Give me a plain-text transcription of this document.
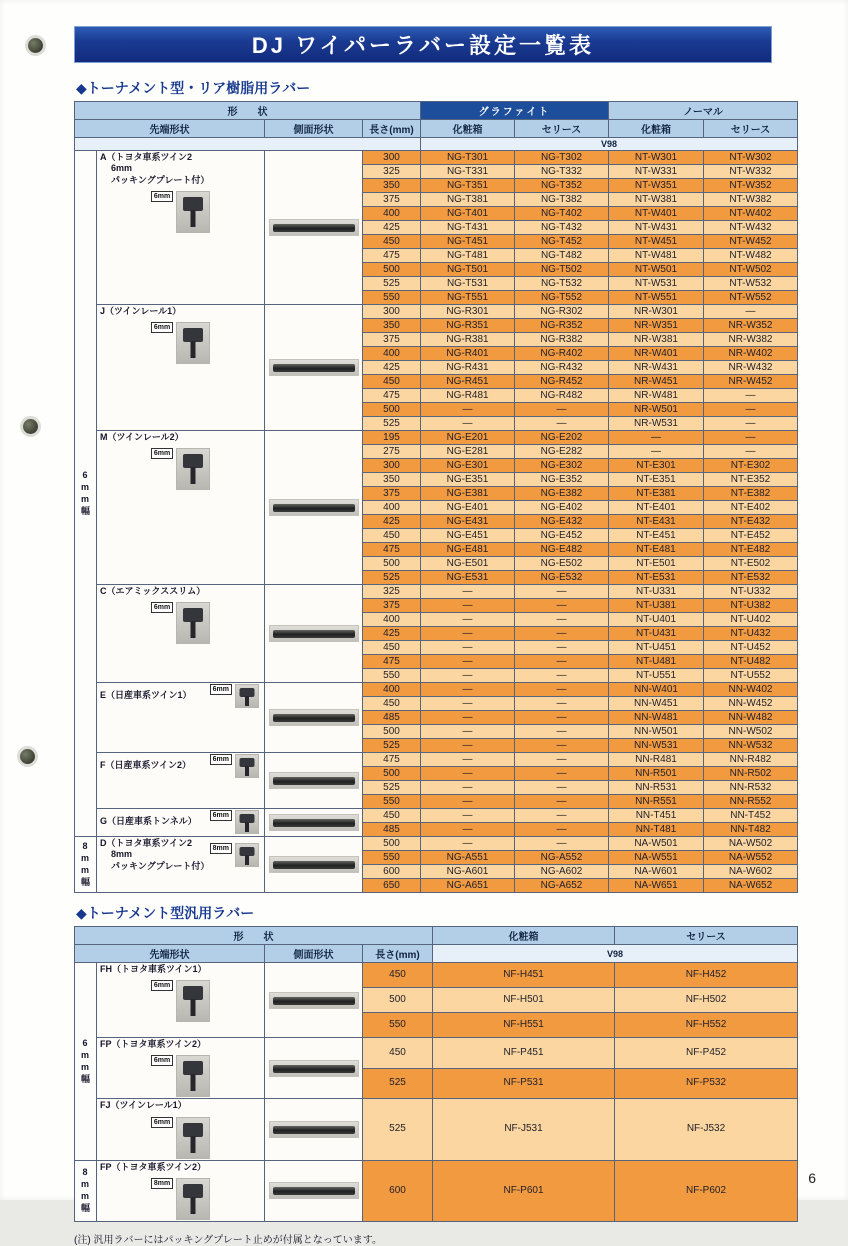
DJ ワイパーラバー設定一覧表
◆トーナメント型・リア樹脂用ラバー
形　　状				グラファイト		ノーマル	
先端形状		側面形状	長さ(mm)	化粧箱	セリース	化粧箱	セリース
				V98			

6mm幅	A（トヨタ車系ツイン2
6mm
パッキングプレート付）
6mm		300	NG-T301	NG-T302	NT-W301	NT-W302
			325	NG-T331	NG-T332	NT-W331	NT-W332
			350	NG-T351	NG-T352	NT-W351	NT-W352
			375	NG-T381	NG-T382	NT-W381	NT-W382
			400	NG-T401	NG-T402	NT-W401	NT-W402
			425	NG-T431	NG-T432	NT-W431	NT-W432
			450	NG-T451	NG-T452	NT-W451	NT-W452
			475	NG-T481	NG-T482	NT-W481	NT-W482
			500	NG-T501	NG-T502	NT-W501	NT-W502
			525	NG-T531	NG-T532	NT-W531	NT-W532
			550	NG-T551	NG-T552	NT-W551	NT-W552

	J（ツインレール1）
6mm		300	NG-R301	NG-R302	NR-W301	—
			350	NG-R351	NG-R352	NR-W351	NR-W352
			375	NG-R381	NG-R382	NR-W381	NR-W382
			400	NG-R401	NG-R402	NR-W401	NR-W402
			425	NG-R431	NG-R432	NR-W431	NR-W432
			450	NG-R451	NG-R452	NR-W451	NR-W452
			475	NG-R481	NG-R482	NR-W481	—
			500	—	—	NR-W501	—
			525	—	—	NR-W531	—

	M（ツインレール2）
6mm		195	NG-E201	NG-E202	—	—
			275	NG-E281	NG-E282	—	—
			300	NG-E301	NG-E302	NT-E301	NT-E302
			350	NG-E351	NG-E352	NT-E351	NT-E352
			375	NG-E381	NG-E382	NT-E381	NT-E382
			400	NG-E401	NG-E402	NT-E401	NT-E402
			425	NG-E431	NG-E432	NT-E431	NT-E432
			450	NG-E451	NG-E452	NT-E451	NT-E452
			475	NG-E481	NG-E482	NT-E481	NT-E482
			500	NG-E501	NG-E502	NT-E501	NT-E502
			525	NG-E531	NG-E532	NT-E531	NT-E532

	C（エアミックススリム）
6mm		325	—	—	NT-U331	NT-U332
			375	—	—	NT-U381	NT-U382
			400	—	—	NT-U401	NT-U402
			425	—	—	NT-U431	NT-U432
			450	—	—	NT-U451	NT-U452
			475	—	—	NT-U481	NT-U482
			550	—	—	NT-U551	NT-U552

	E（日産車系ツイン1）
6mm		400	—	—	NN-W401	NN-W402
			450	—	—	NN-W451	NN-W452
			485	—	—	NN-W481	NN-W482
			500	—	—	NN-W501	NN-W502
			525	—	—	NN-W531	NN-W532

	F（日産車系ツイン2）
6mm		475	—	—	NN-R481	NN-R482
			500	—	—	NN-R501	NN-R502
			525	—	—	NN-R531	NN-R532
			550	—	—	NN-R551	NN-R552

	G（日産車系トンネル）
6mm		450	—	—	NN-T451	NN-T452
			485	—	—	NN-T481	NN-T482

8mm幅	D（トヨタ車系ツイン2
8mm
パッキングプレート付）
8mm		500	—	—	NA-W501	NA-W502
			550	NG-A551	NG-A552	NA-W551	NA-W552
			600	NG-A601	NG-A602	NA-W601	NA-W602
			650	NG-A651	NG-A652	NA-W651	NA-W652
◆トーナメント型汎用ラバー
形　　状				化粧箱	セリース
先端形状		側面形状	長さ(mm)	V98	

6mm幅	FH（トヨタ車系ツイン1）
6mm		450	NF-H451	NF-H452
			500	NF-H501	NF-H502
			550	NF-H551	NF-H552

	FP（トヨタ車系ツイン2）
6mm		450	NF-P451	NF-P452
			525	NF-P531	NF-P532

	FJ（ツインレール1）
6mm		525	NF-J531	NF-J532

8mm幅	FP（トヨタ車系ツイン2）
8mm		600	NF-P601	NF-P602
(注) 汎用ラバーにはパッキングプレート止めが付属となっています。
6
